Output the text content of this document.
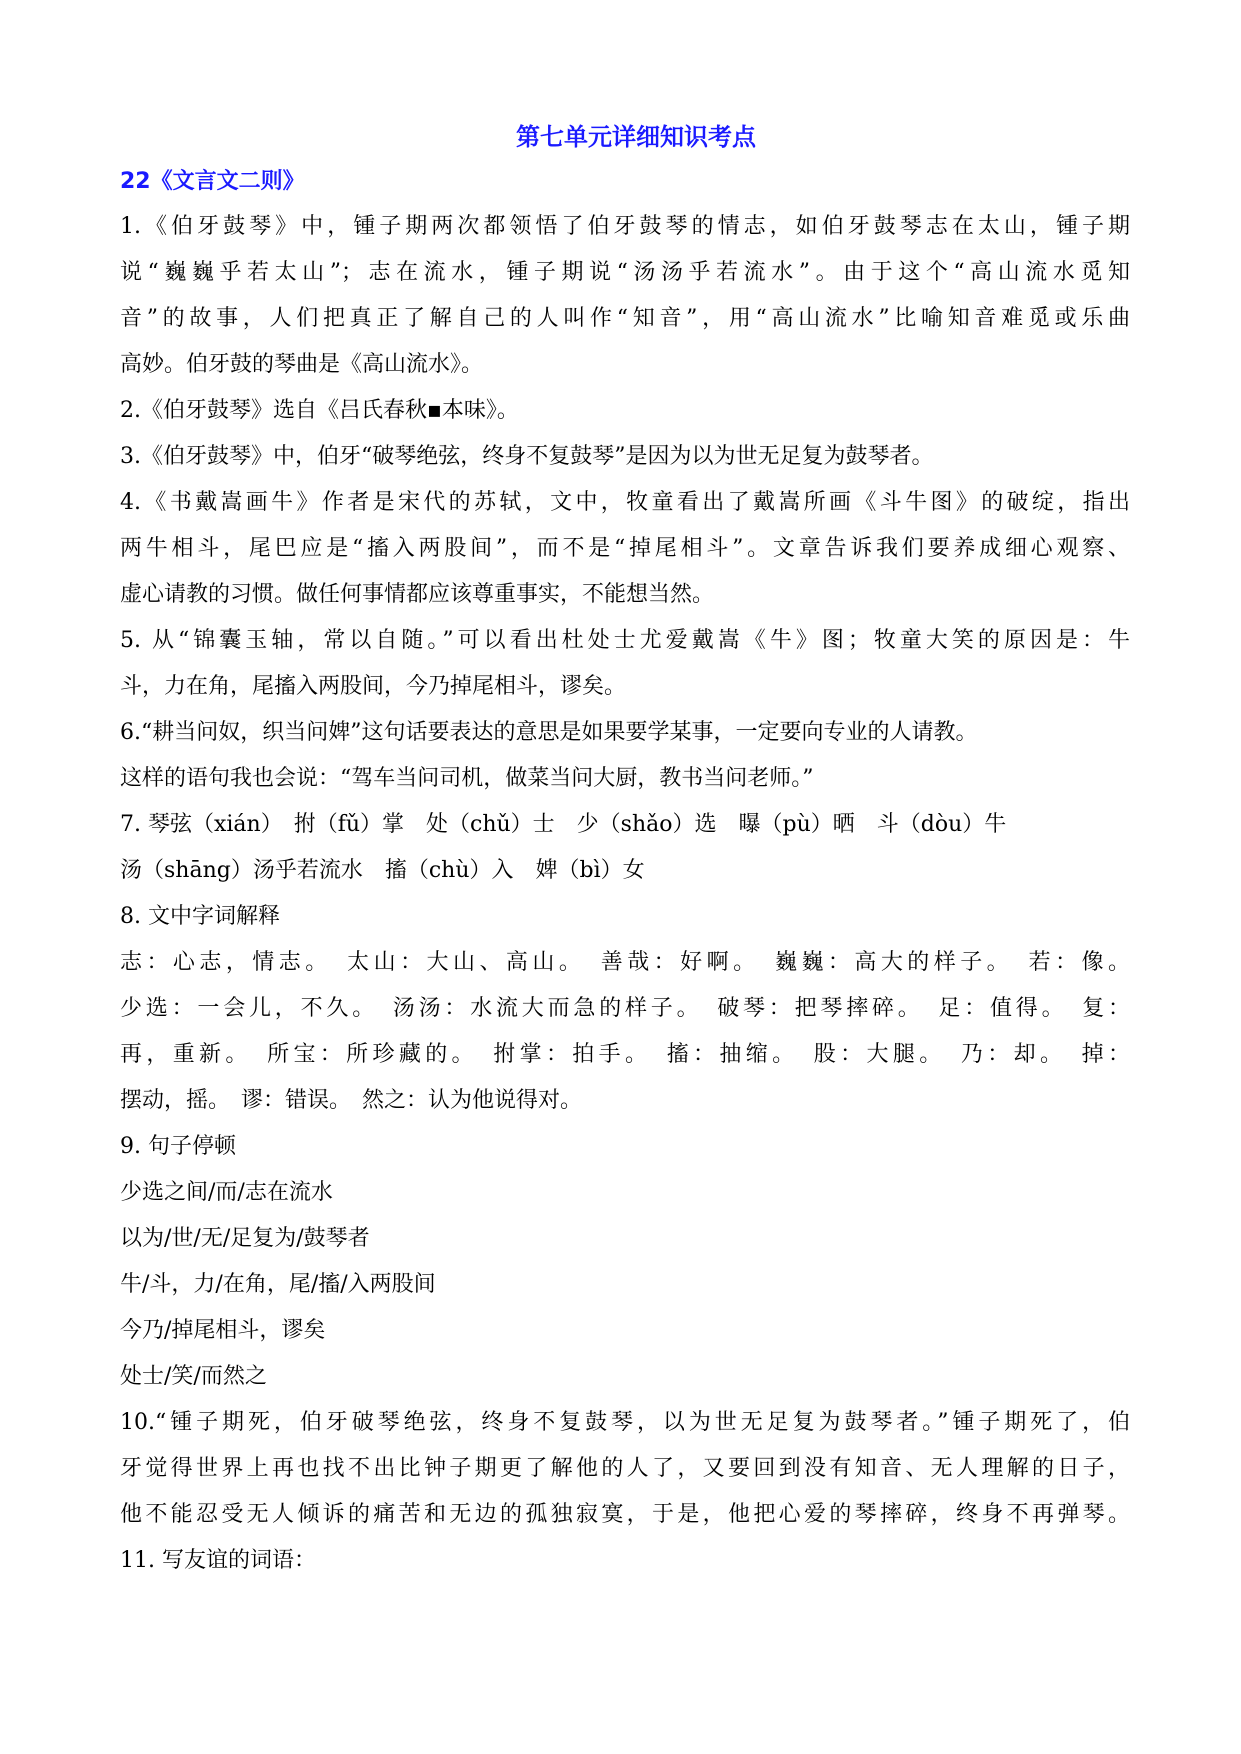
第七单元详细知识考点
22《文言文二则》

1.《伯牙鼓琴》中，锺子期两次都领悟了伯牙鼓琴的情志，如伯牙鼓琴志在太山，锺子期

说“巍巍乎若太山”；志在流水，锺子期说“汤汤乎若流水”。由于这个“高山流水觅知

音”的故事，人们把真正了解自己的人叫作“知音”，用“高山流水”比喻知音难觅或乐曲

高妙。伯牙鼓的琴曲是《高山流水》。

2.《伯牙鼓琴》选自《吕氏春秋▪本味》。

3.《伯牙鼓琴》中，伯牙“破琴绝弦，终身不复鼓琴”是因为以为世无足复为鼓琴者。

4.《书戴嵩画牛》作者是宋代的苏轼，文中，牧童看出了戴嵩所画《斗牛图》的破绽，指出

两牛相斗，尾巴应是“搐入两股间”，而不是“掉尾相斗”。文章告诉我们要养成细心观察、

虚心请教的习惯。做任何事情都应该尊重事实，不能想当然。

5. 从“锦囊玉轴，常以自随。”可以看出杜处士尤爱戴嵩《牛》图；牧童大笑的原因是：牛

斗，力在角，尾搐入两股间，今乃掉尾相斗，谬矣。

6.“耕当问奴，织当问婢”这句话要表达的意思是如果要学某事，一定要向专业的人请教。

这样的语句我也会说：“驾车当问司机，做菜当问大厨，教书当问老师。”

7. 琴弦（xián）　拊（fǔ）掌　处（chǔ）士　少（shǎo）选　曝（pù）晒　斗（dòu）牛

汤（shāng）汤乎若流水　搐（chù）入　婢（bì）女

8. 文中字词解释

志：心志，情志。　太山：大山、高山。　善哉：好啊。　巍巍：高大的样子。　若：像。

少选：一会儿，不久。　汤汤：水流大而急的样子。　破琴：把琴摔碎。　足：值得。　复：

再，重新。　所宝：所珍藏的。　拊掌：拍手。　搐：抽缩。　股：大腿。　乃：却。　掉：

摆动，摇。　谬：错误。　然之：认为他说得对。

9. 句子停顿

少选之间/而/志在流水

以为/世/无/足复为/鼓琴者

牛/斗，力/在角，尾/搐/入两股间

今乃/掉尾相斗，谬矣

处士/笑/而然之

10.“锺子期死，伯牙破琴绝弦，终身不复鼓琴，以为世无足复为鼓琴者。”锺子期死了，伯

牙觉得世界上再也找不出比钟子期更了解他的人了，又要回到没有知音、无人理解的日子，

他不能忍受无人倾诉的痛苦和无边的孤独寂寞，于是，他把心爱的琴摔碎，终身不再弹琴。

11. 写友谊的词语：
